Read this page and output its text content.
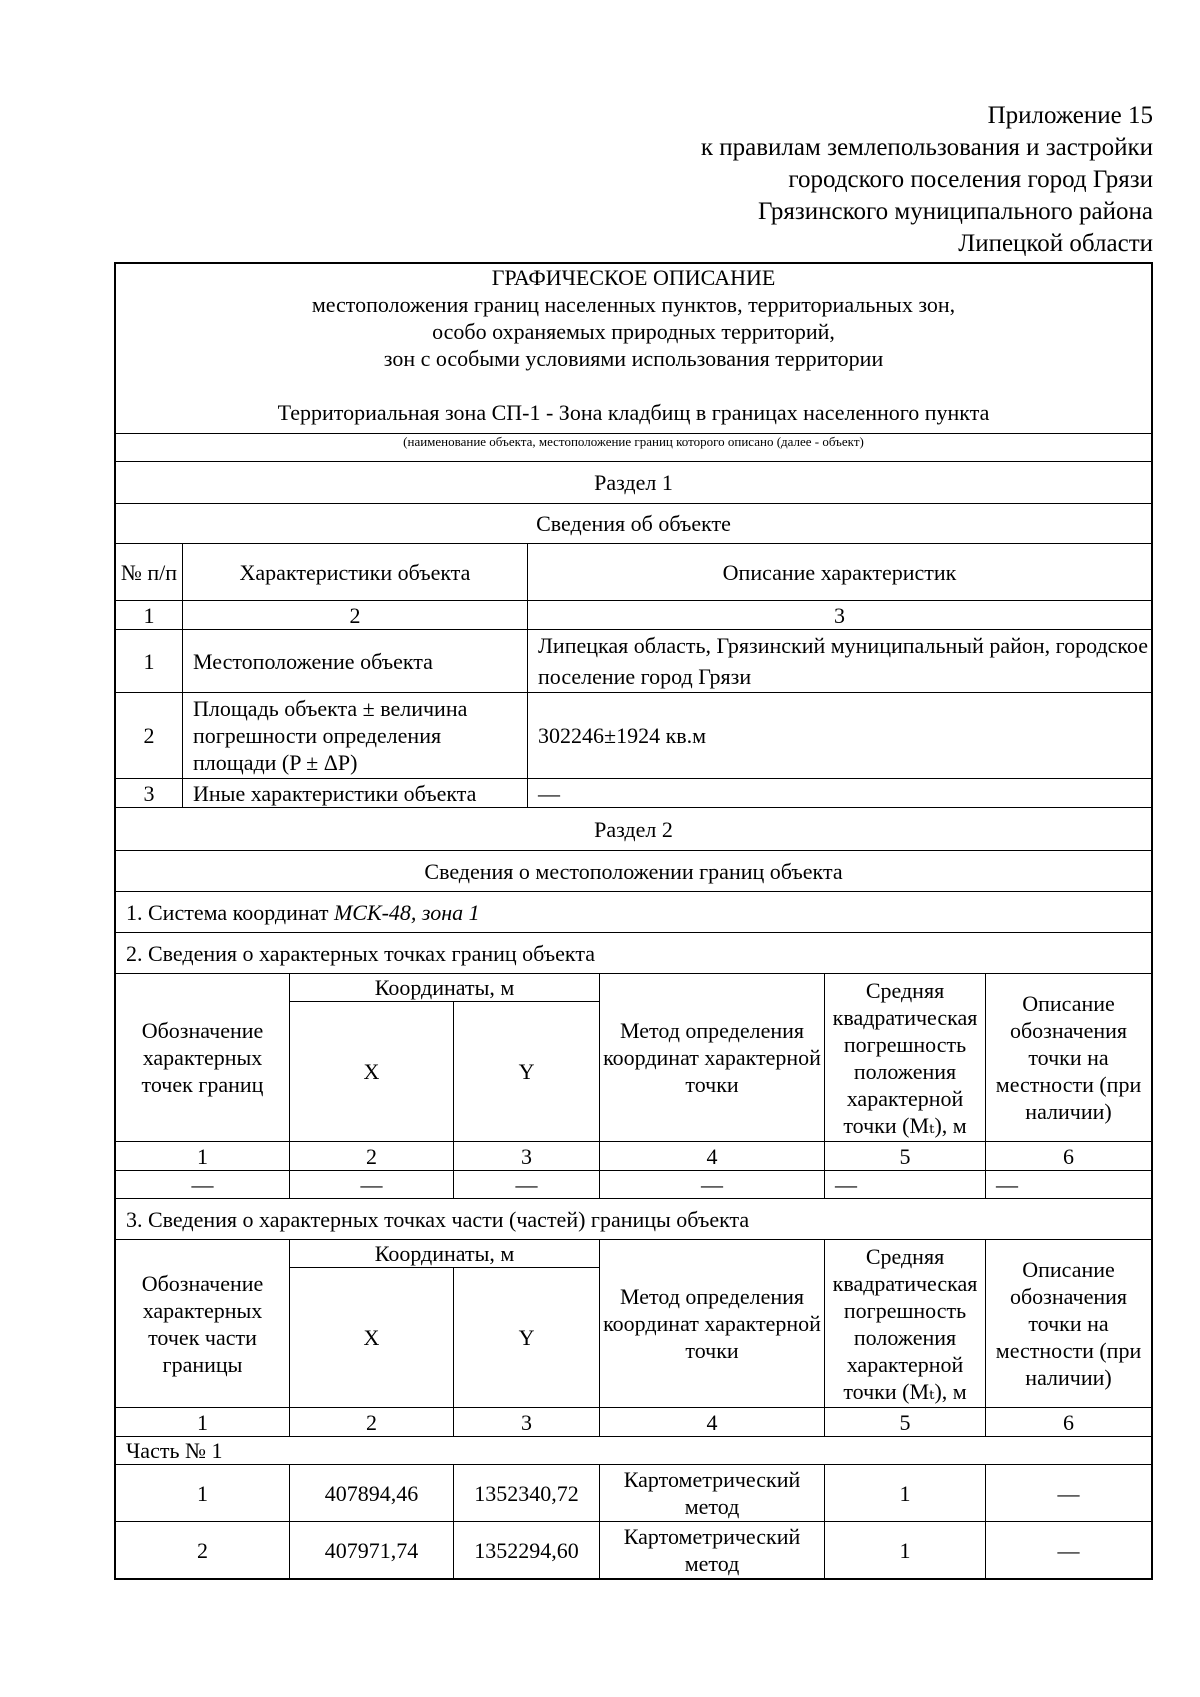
Приложение 15
к правилам землепользования и застройки
городского поселения город Грязи
Грязинского муниципального района
Липецкой области
ГРАФИЧЕСКОЕ ОПИСАНИЕ
местоположения границ населенных пунктов, территориальных зон,
особо охраняемых природных территорий,
зон с особыми условиями использования территории
Территориальная зона СП-1 - Зона кладбищ в границах населенного пункта

(наименование объекта, местоположение границ которого описано (далее - объект)
Раздел 1
Сведения об объекте
№ п/п	Характеристики объекта	Описание характеристик
1	2	3
1	Местоположение объекта	Липецкая область, Грязинский муниципальный район, городское поселение город Грязи
2	Площадь объекта ± величина погрешности определения площади (P ± ΔP)	302246±1924 кв.м
3	Иные характеристики объекта	—
Раздел 2
Сведения о местоположении границ объекта
1. Система координат МСК-48, зона 1
2. Сведения о характерных точках границ объекта
Обозначение характерных точек границ	Координаты, м		Метод определения координат характерной точки	Средняя квадратическая погрешность положения характерной точки (Mₜ), м	Описание обозначения точки на местности (при наличии)
	X	Y			
1	2	3	4	5	6
—	—	—	—	—	—
3. Сведения о характерных точках части (частей) границы объекта					
Обозначение характерных точек части границы	Координаты, м		Метод определения координат характерной точки	Средняя квадратическая погрешность положения характерной точки (Mₜ), м	Описание обозначения точки на местности (при наличии)
	X	Y			
1	2	3	4	5	6
Часть № 1					
1	407894,46	1352340,72	Картометрический метод	1	—
2	407971,74	1352294,60	Картометрический метод	1	—
